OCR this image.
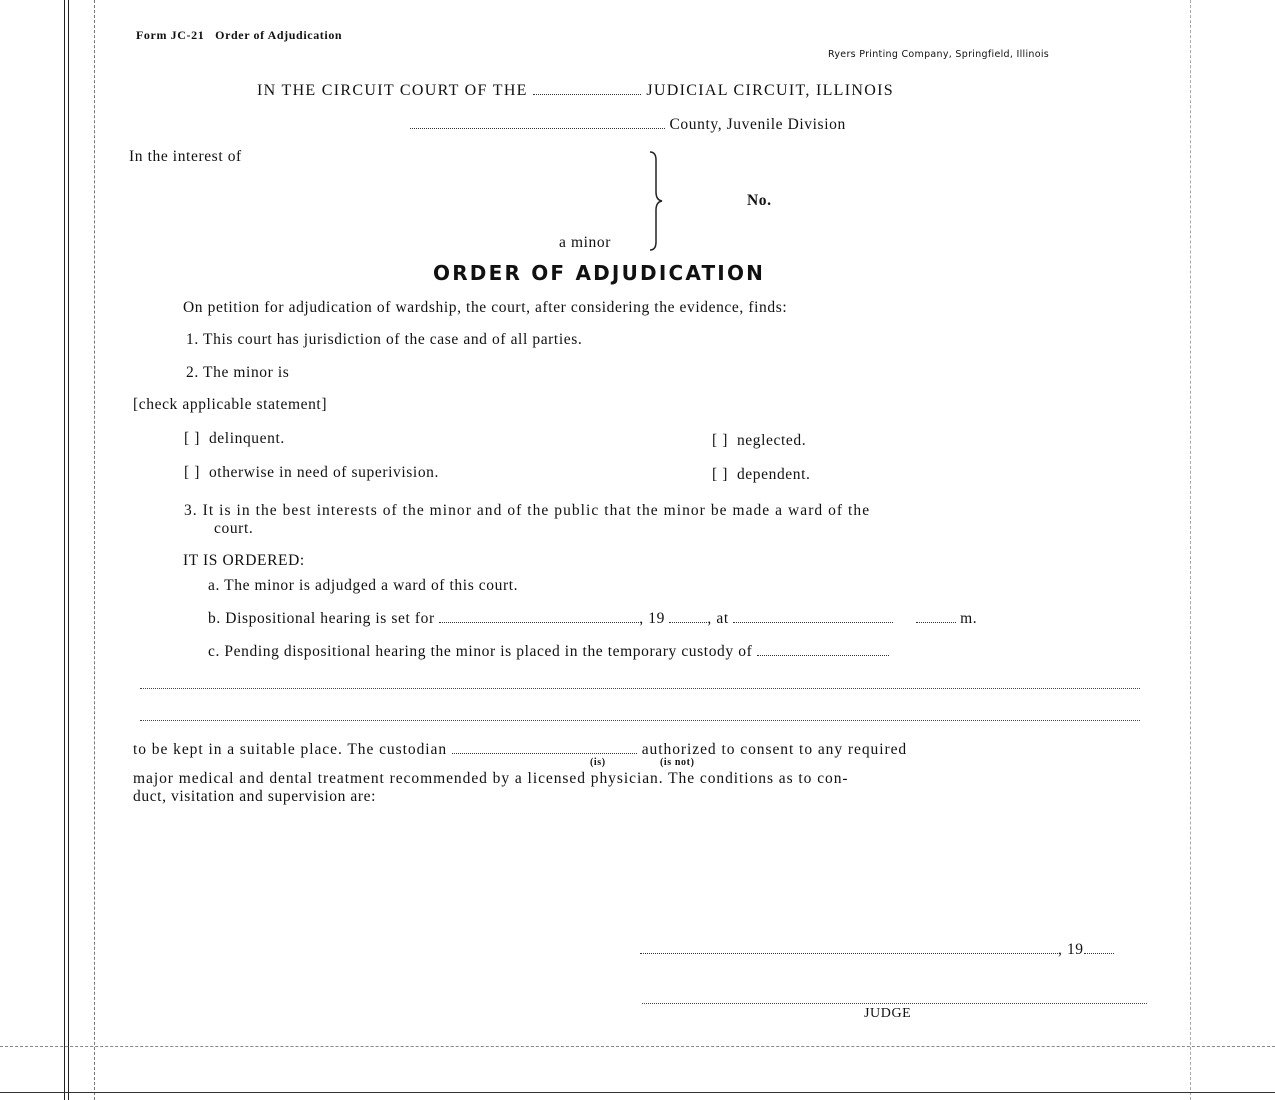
Form JC-21 Order of Adjudication
Ryers Printing Company, Springfield, Illinois
IN THE CIRCUIT COURT OF THE	JUDICIAL CIRCUIT, ILLINOIS
County, Juvenile Division
In the interest of
No.
a minor
ORDER OF ADJUDICATION
On petition for adjudication of wardship, the court, after considering the evidence, finds:
1. This court has jurisdiction of the case and of all parties.
2. The minor is
[check applicable statement]
[ ] delinquent.	[ ] neglected.
[ ] otherwise in need of superivision.	[ ] dependent.
3. It is in the best interests of the minor and of the public that the minor be made a ward of the
court.
IT IS ORDERED:
a. The minor is adjudged a ward of this court.
b. Dispositional hearing is set for	, 19	, at	m.
c. Pending dispositional hearing the minor is placed in the temporary custody of
to be kept in a suitable place. The custodian	authorized to consent to any required
(is)	(is not)
major medical and dental treatment recommended by a licensed physician. The conditions as to con-
duct, visitation and supervision are:
, 19
JUDGE
